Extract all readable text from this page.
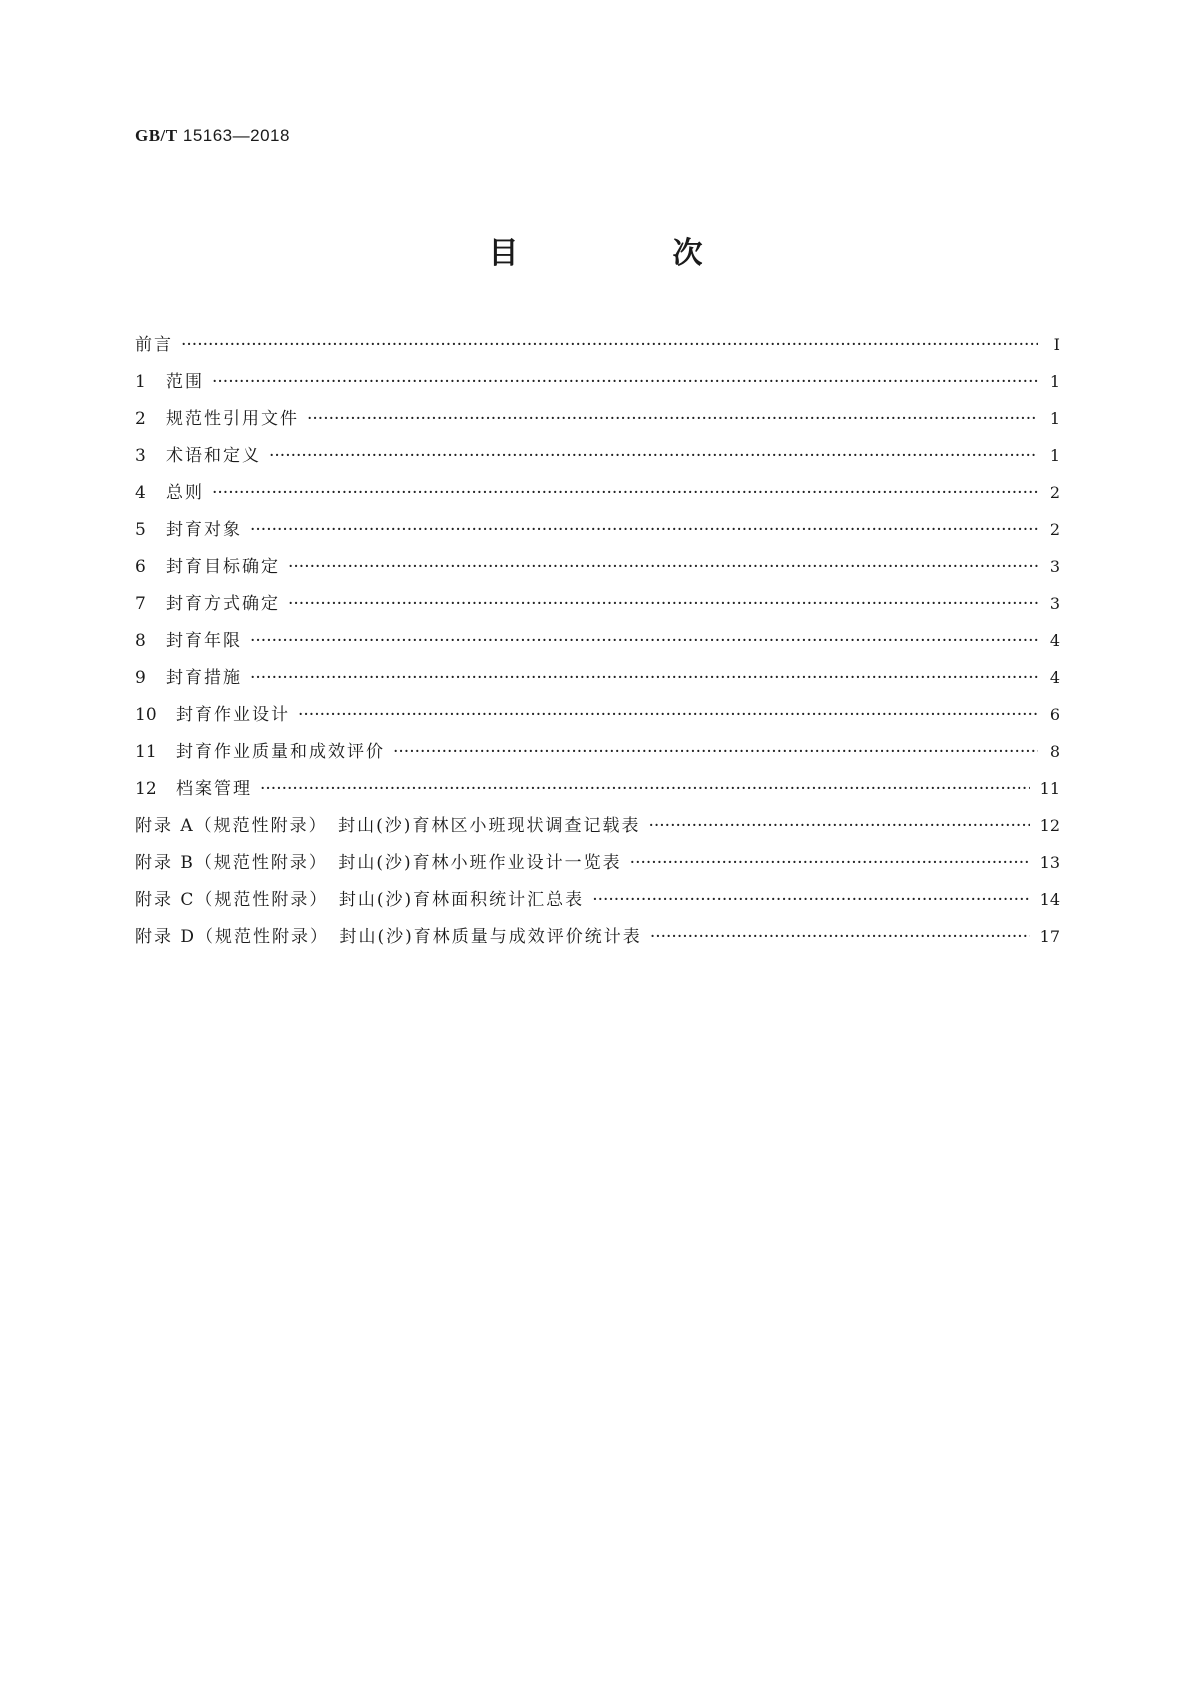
GB/T 15163—2018
目　次
前言 ·····	Ⅰ
1	范围 ·····	1
2	规范性引用文件 ·····	1
3	术语和定义 ·····	1
4	总则 ·····	2
5	封育对象 ·····	2
6	封育目标确定 ·····	3
7	封育方式确定 ·····	3
8	封育年限 ·····	4
9	封育措施 ·····	4
10	封育作业设计 ·····	6
11	封育作业质量和成效评价 ·····	8
12	档案管理 ·····	11
附录 A（规范性附录）　封山(沙)育林区小班现状调查记载表 ·····	12
附录 B（规范性附录）　封山(沙)育林小班作业设计一览表 ·····	13
附录 C（规范性附录）　封山(沙)育林面积统计汇总表 ·····	14
附录 D（规范性附录）　封山(沙)育林质量与成效评价统计表 ·····	17
